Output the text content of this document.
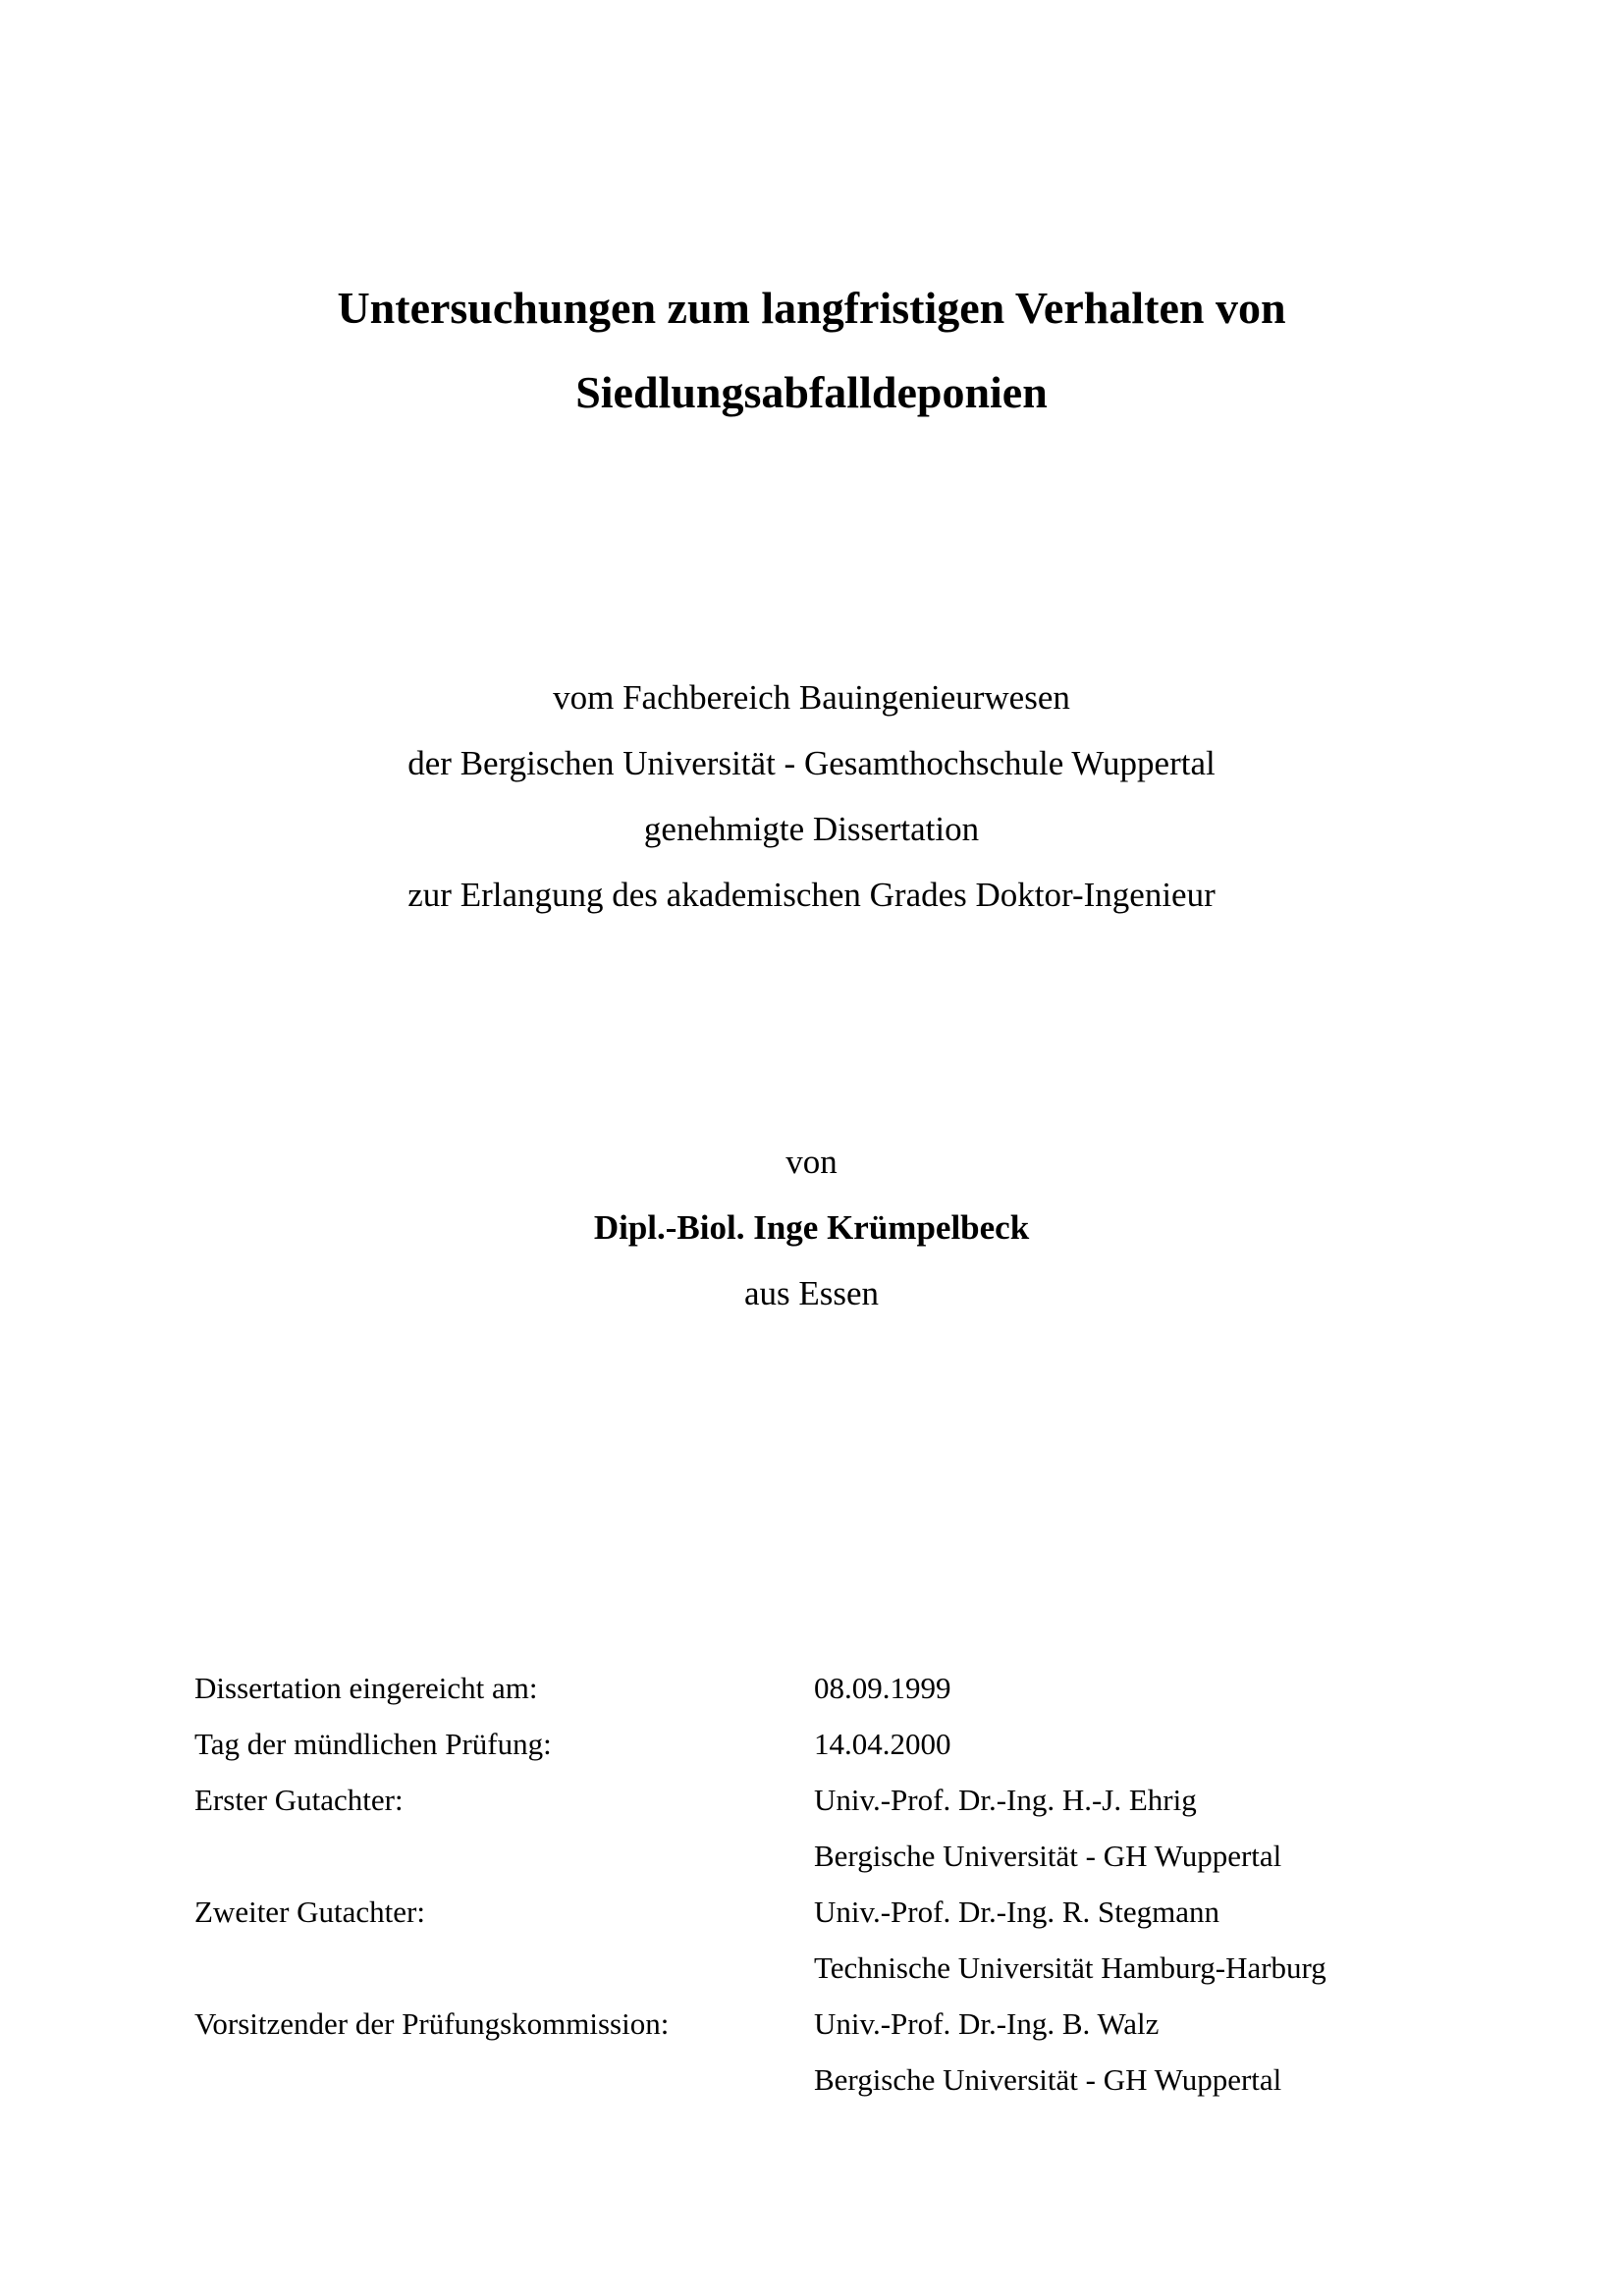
Untersuchungen zum langfristigen Verhalten von
Siedlungsabfalldeponien
vom Fachbereich Bauingenieurwesen
der Bergischen Universität - Gesamthochschule Wuppertal
genehmigte Dissertation
zur Erlangung des akademischen Grades Doktor-Ingenieur
von
Dipl.-Biol. Inge Krümpelbeck
aus Essen
Dissertation eingereicht am:	08.09.1999
Tag der mündlichen Prüfung:	14.04.2000
Erster Gutachter:	Univ.-Prof. Dr.-Ing. H.-J. Ehrig
Bergische Universität - GH Wuppertal
Zweiter Gutachter:	Univ.-Prof. Dr.-Ing. R. Stegmann
Technische Universität Hamburg-Harburg
Vorsitzender der Prüfungskommission:	Univ.-Prof. Dr.-Ing. B. Walz
Bergische Universität - GH Wuppertal
